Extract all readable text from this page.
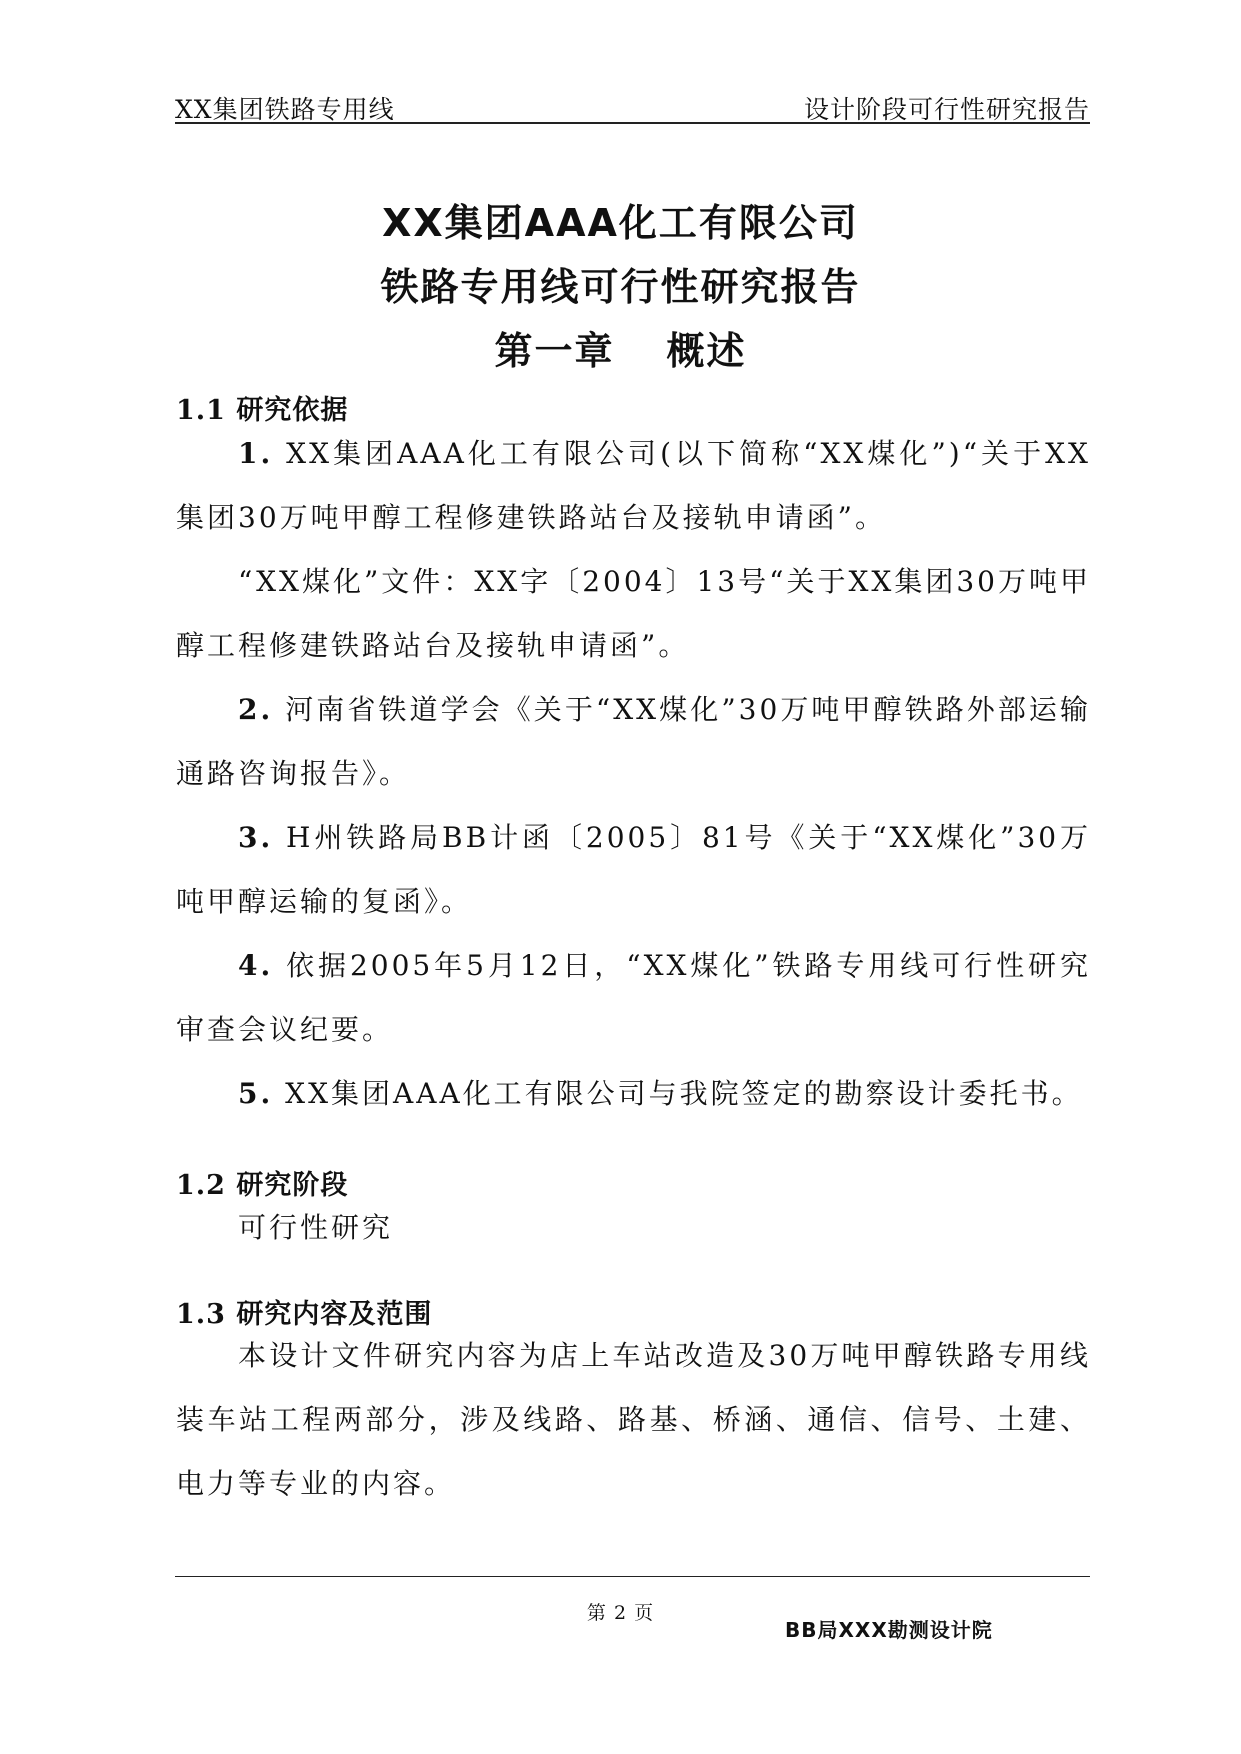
XX集团铁路专用线	设计阶段可行性研究报告
XX集团AAA化工有限公司
铁路专用线可行性研究报告
第一章 概述
1.1 研究依据

1. XX集团AAA化工有限公司(以下简称“XX煤化”)“关于XX集团30万吨甲醇工程修建铁路站台及接轨申请函”。

“XX煤化”文件：XX字〔2004〕13号“关于XX集团30万吨甲醇工程修建铁路站台及接轨申请函”。

2. 河南省铁道学会《关于“XX煤化”30万吨甲醇铁路外部运输通路咨询报告》。

3. H州铁路局BB计函〔2005〕81号《关于“XX煤化”30万吨甲醇运输的复函》。

4. 依据2005年5月12日，“XX煤化”铁路专用线可行性研究审查会议纪要。

5. XX集团AAA化工有限公司与我院签定的勘察设计委托书。

1.2 研究阶段

可行性研究

1.3 研究内容及范围

本设计文件研究内容为店上车站改造及30万吨甲醇铁路专用线装车站工程两部分，涉及线路、路基、桥涵、通信、信号、土建、电力等专业的内容。

第 2 页
BB局XXX勘测设计院
